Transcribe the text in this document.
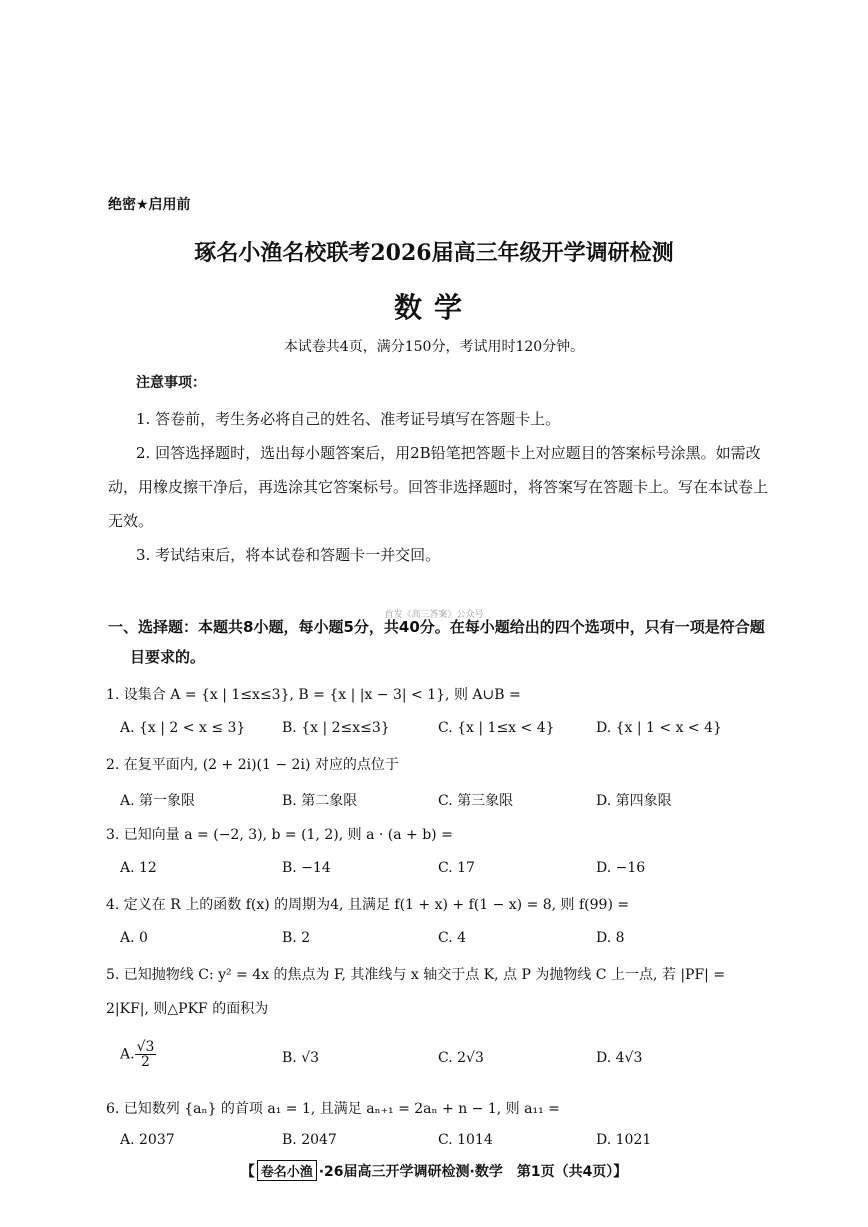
绝密★启用前
琢名小渔名校联考2026届高三年级开学调研检测
数学
本试卷共4页，满分150分，考试用时120分钟。
注意事项：
1. 答卷前，考生务必将自己的姓名、准考证号填写在答题卡上。
2. 回答选择题时，选出每小题答案后，用2B铅笔把答题卡上对应题目的答案标号涂黑。如需改动，用橡皮擦干净后，再选涂其它答案标号。回答非选择题时，将答案写在答题卡上。写在本试卷上无效。
3. 考试结束后，将本试卷和答题卡一并交回。
首发《高三答案》公众号
一、选择题：本题共8小题，每小题5分，共40分。在每小题给出的四个选项中，只有一项是符合题
目要求的。
1. 设集合 A = {x | 1≤x≤3}, B = {x | |x − 3| < 1}, 则 A∪B =
A. {x | 2 < x ≤ 3}	B. {x | 2≤x≤3}	C. {x | 1≤x < 4}	D. {x | 1 < x < 4}
2. 在复平面内, (2 + 2i)(1 − 2i) 对应的点位于
A. 第一象限	B. 第二象限	C. 第三象限	D. 第四象限
3. 已知向量 a = (−2, 3), b = (1, 2), 则 a · (a + b) =
A. 12	B. −14	C. 17	D. −16
4. 定义在 R 上的函数 f(x) 的周期为4, 且满足 f(1 + x) + f(1 − x) = 8, 则 f(99) =
A. 0	B. 2	C. 4	D. 8
5. 已知抛物线 C: y² = 4x 的焦点为 F, 其准线与 x 轴交于点 K, 点 P 为抛物线 C 上一点, 若 |PF| =
2|KF|, 则△PKF 的面积为
A. $\frac{√3}{2}$	B. √3	C. 2√3	D. 4√3
6. 已知数列 {aₙ} 的首项 a₁ = 1, 且满足 aₙ₊₁ = 2aₙ + n − 1, 则 a₁₁ =
A. 2037	B. 2047	C. 1014	D. 1021
【 卷名小渔 ·26届高三开学调研检测·数学　第1页（共4页）】
